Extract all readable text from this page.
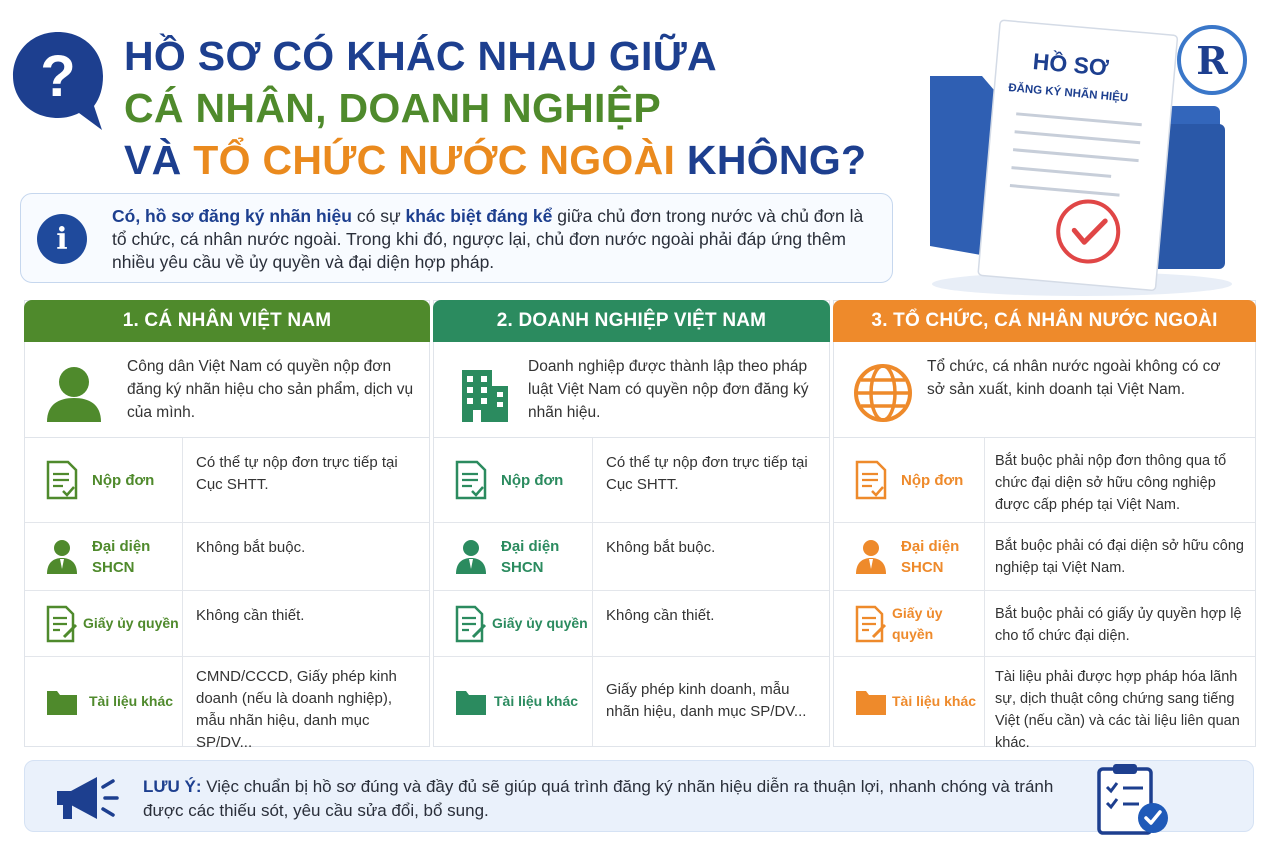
? HỒ SƠ CÓ KHÁC NHAU GIỮA
CÁ NHÂN, DOANH NGHIỆP
VÀ TỔ CHỨC NƯỚC NGOÀI KHÔNG?
i
Có, hồ sơ đăng ký nhãn hiệu có sự khác biệt đáng kể giữa chủ đơn trong nước và chủ đơn là tổ chức, cá nhân nước ngoài. Trong khi đó, ngược lại, chủ đơn nước ngoài phải đáp ứng thêm nhiều yêu cầu về ủy quyền và đại diện hợp pháp.
HỒ SƠ
ĐĂNG KÝ NHÃN HIỆU
R
1. CÁ NHÂN VIỆT NAM
Công dân Việt Nam có quyền nộp đơn đăng ký nhãn hiệu cho sản phẩm, dịch vụ của mình.
Nộp đơn
Có thể tự nộp đơn trực tiếp tại Cục SHTT.
Đại diện
SHCN
Không bắt buộc.
Giấy ủy quyền	Không cần thiết.
Tài liệu khác
CMND/CCCD, Giấy phép kinh doanh (nếu là doanh nghiệp), mẫu nhãn hiệu, danh mục SP/DV...
2. DOANH NGHIỆP VIỆT NAM
Doanh nghiệp được thành lập theo pháp luật Việt Nam có quyền nộp đơn đăng ký nhãn hiệu.
Nộp đơn
Có thể tự nộp đơn trực tiếp tại Cục SHTT.
Đại diện
SHCN
Không bắt buộc.
Giấy ủy quyền	Không cần thiết.
Tài liệu khác
Giấy phép kinh doanh, mẫu nhãn hiệu, danh mục SP/DV...
3. TỔ CHỨC, CÁ NHÂN NƯỚC NGOÀI
Tổ chức, cá nhân nước ngoài không có cơ sở sản xuất, kinh doanh tại Việt Nam.
Nộp đơn
Bắt buộc phải nộp đơn thông qua tổ chức đại diện sở hữu công nghiệp được cấp phép tại Việt Nam.
Đại diện
SHCN
Bắt buộc phải có đại diện sở hữu công nghiệp tại Việt Nam.
Giấy ủy quyền
Bắt buộc phải có giấy ủy quyền hợp lệ cho tổ chức đại diện.
Tài liệu khác
Tài liệu phải được hợp pháp hóa lãnh sự, dịch thuật công chứng sang tiếng Việt (nếu cần) và các tài liệu liên quan khác.
LƯU Ý: Việc chuẩn bị hồ sơ đúng và đầy đủ sẽ giúp quá trình đăng ký nhãn hiệu diễn ra thuận lợi, nhanh chóng và tránh được các thiếu sót, yêu cầu sửa đổi, bổ sung.
